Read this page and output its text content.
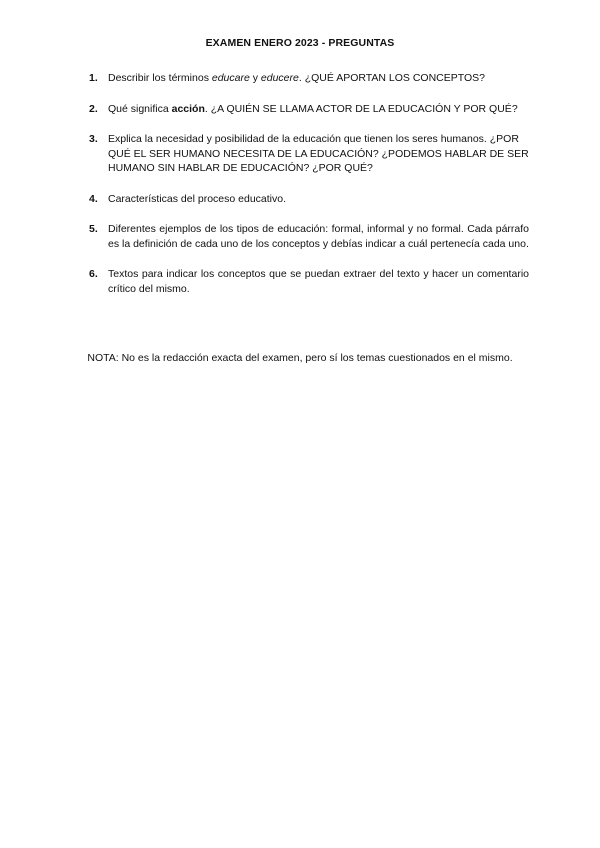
EXAMEN ENERO 2023 - PREGUNTAS
1. Describir los términos educare y educere. ¿QUÉ APORTAN LOS CONCEPTOS?
2. Qué significa acción. ¿A QUIÉN SE LLAMA ACTOR DE LA EDUCACIÓN Y POR QUÉ?
3. Explica la necesidad y posibilidad de la educación que tienen los seres humanos. ¿POR QUÉ EL SER HUMANO NECESITA DE LA EDUCACIÓN? ¿PODEMOS HABLAR DE SER HUMANO SIN HABLAR DE EDUCACIÓN? ¿POR QUÉ?
4. Características del proceso educativo.
5. Diferentes ejemplos de los tipos de educación: formal, informal y no formal. Cada párrafo es la definición de cada uno de los conceptos y debías indicar a cuál pertenecía cada uno.
6. Textos para indicar los conceptos que se puedan extraer del texto y hacer un comentario crítico del mismo.
NOTA: No es la redacción exacta del examen, pero sí los temas cuestionados en el mismo.
